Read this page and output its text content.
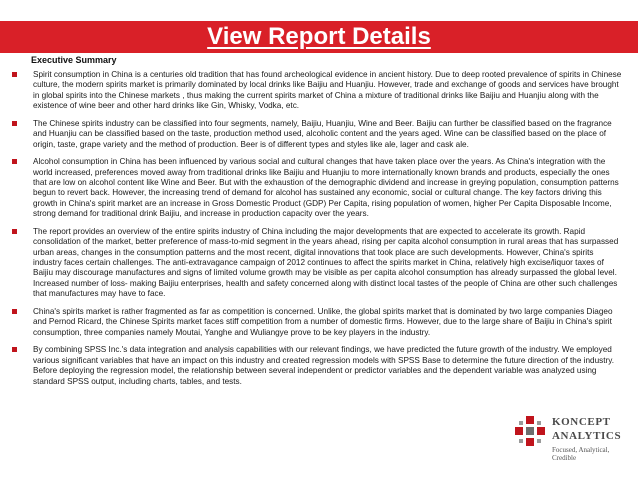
View Report Details
Executive Summary
Spirit consumption in China is a centuries old tradition that has found archeological evidence in ancient history. Due to deep rooted prevalence of spirits in Chinese culture, the modern spirits market is primarily dominated by local drinks like Baijiu and Huanjiu. However, trade and exchange of goods and services have brought in global spirits into the Chinese markets , thus making the current spirits market of China a mixture of traditional drinks like Baijiu and Huanjiu along with the existence of wine beer and other hard drinks like Gin, Whisky, Vodka, etc.
The Chinese spirits industry can be classified into four segments, namely, Baijiu, Huanjiu, Wine and Beer. Baijiu can further be classified based on the fragrance and Huanjiu can be classified based on the taste, production method used, alcoholic content and the years aged. Wine can be classified based on the place of origin, taste, grape variety and the method of production. Beer is of different types and styles like ale, lager and cask ale.
Alcohol consumption in China has been influenced by various social and cultural changes that have taken place over the years. As China's integration with the world increased, preferences moved away from traditional drinks like Baijiu and Huanjiu to more internationally known brands and products, especially the ones that are low on alcohol content like Wine and Beer. But with the exhaustion of the demographic dividend and increase in greying population, consumption patterns begun to revert back. However, the increasing trend of demand for alcohol has sustained any economic, social or cultural change. The key factors driving this growth in China's spirit market are an increase in Gross Domestic Product (GDP) Per Capita, rising population of women, higher Per Capita Disposable Income, strong demand for traditional drink Baijiu, and increase in production capacity over the years.
The report provides an overview of the entire spirits industry of China including the major developments that are expected to accelerate its growth. Rapid consolidation of the market, better preference of mass-to-mid segment in the years ahead, rising per capita alcohol consumption in rural areas that has surpassed urban areas, changes in the consumption patterns and the most recent, digital innovations that took place are such developments. However, China's spirits industry faces certain challenges. The anti-extravagance campaign of 2012 continues to affect the spirits market in China, relatively high excise/liquor taxes of Baijiu may discourage manufactures and signs of limited volume growth may be visible as per capita alcohol consumption has already surpassed the global level. Increased number of loss- making Baijiu enterprises, health and safety concerned along with distinct local tastes of the people of China are other such challenges that manufactures may have to face.
China's spirits market is rather fragmented as far as competition is concerned. Unlike, the global spirits market that is dominated by two large companies Diageo and Pernod Ricard, the Chinese Spirits market faces stiff competition from a number of domestic firms. However, due to the large share of Baijiu in China's spirit consumption, three companies namely Moutai, Yanghe and Wuliangye prove to be key players in the industry.
By combining SPSS Inc.'s data integration and analysis capabilities with our relevant findings, we have predicted the future growth of the industry. We employed various significant variables that have an impact on this industry and created regression models with SPSS Base to determine the future direction of the industry. Before deploying the regression model, the relationship between several independent or predictor variables and the dependent variable was analyzed using standard SPSS output, including charts, tables, and tests.
KONCEPT
ANALYTICS
Focused, Analytical, Credible
